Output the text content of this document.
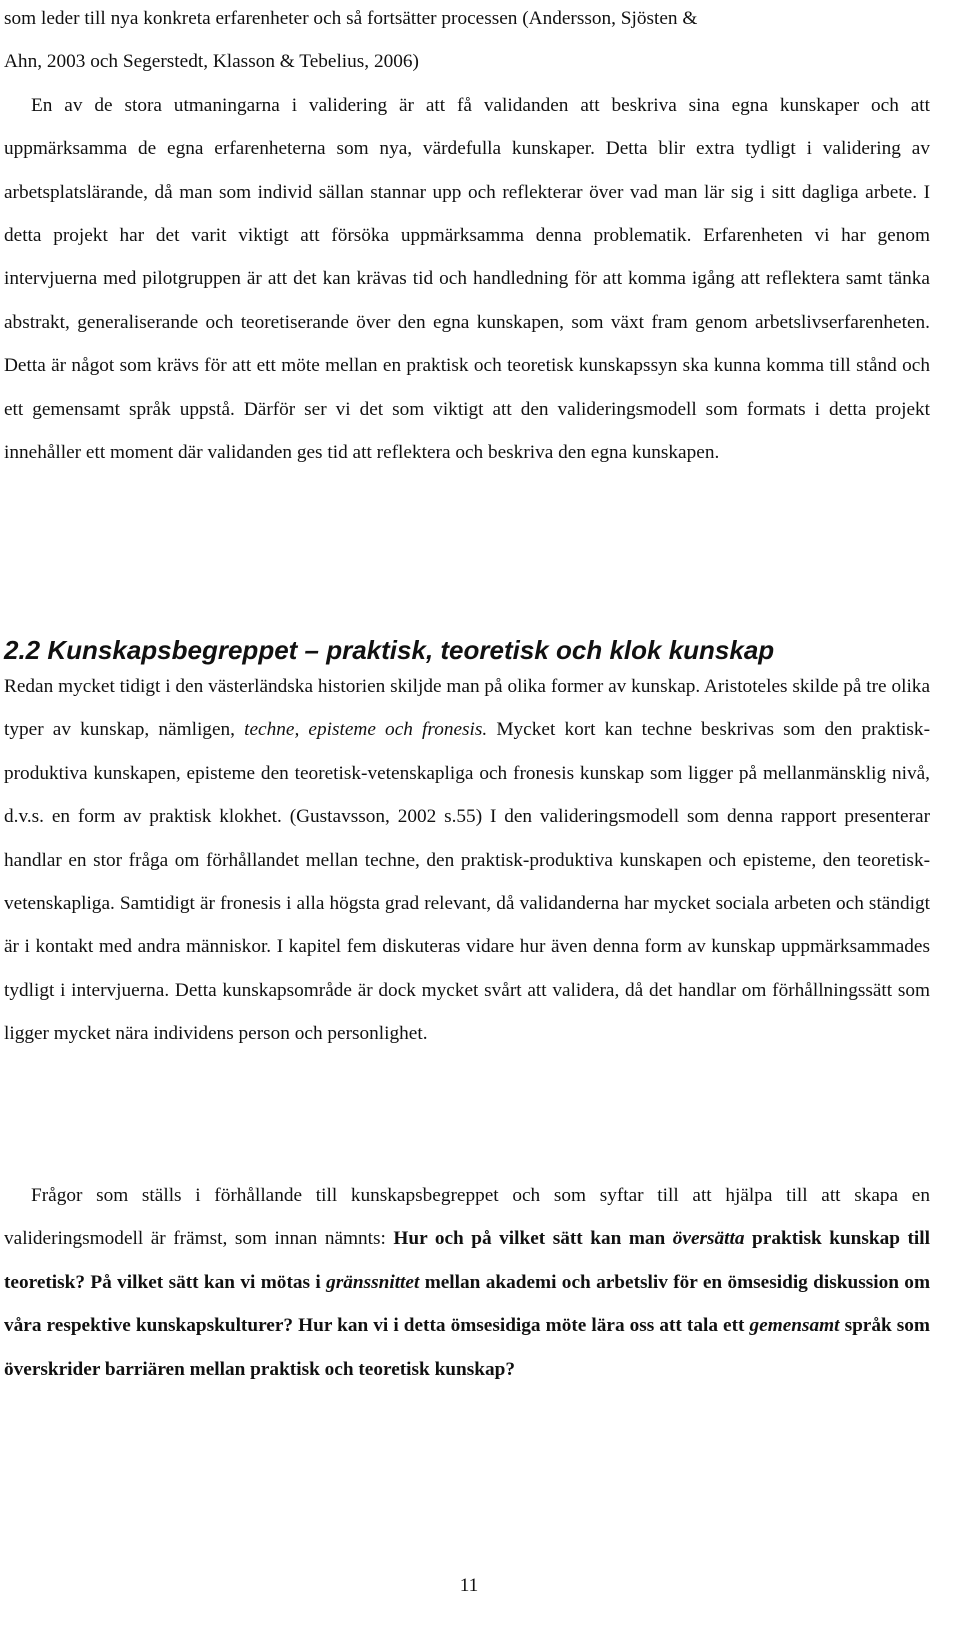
som leder till nya konkreta erfarenheter och så fortsätter processen (Andersson, Sjösten &

Ahn, 2003 och Segerstedt, Klasson & Tebelius, 2006)

En av de stora utmaningarna i validering är att få validanden att beskriva sina egna kunskaper och att uppmärksamma de egna erfarenheterna som nya, värdefulla kunskaper. Detta blir extra tydligt i validering av arbetsplatslärande, då man som individ sällan stannar upp och reflekterar över vad man lär sig i sitt dagliga arbete. I detta projekt har det varit viktigt att försöka uppmärksamma denna problematik. Erfarenheten vi har genom intervjuerna med pilotgruppen är att det kan krävas tid och handledning för att komma igång att reflektera samt tänka abstrakt, generaliserande och teoretiserande över den egna kunskapen, som växt fram genom arbetslivserfarenheten. Detta är något som krävs för att ett möte mellan en praktisk och teoretisk kunskapssyn ska kunna komma till stånd och ett gemensamt språk uppstå. Därför ser vi det som viktigt att den valideringsmodell som formats i detta projekt innehåller ett moment där validanden ges tid att reflektera och beskriva den egna kunskapen.

2.2 Kunskapsbegreppet – praktisk, teoretisk och klok kunskap

Redan mycket tidigt i den västerländska historien skiljde man på olika former av kunskap. Aristoteles skilde på tre olika typer av kunskap, nämligen, techne, episteme och fronesis. Mycket kort kan techne beskrivas som den praktisk-produktiva kunskapen, episteme den teoretisk-vetenskapliga och fronesis kunskap som ligger på mellanmänsklig nivå, d.v.s. en form av praktisk klokhet. (Gustavsson, 2002 s.55) I den valideringsmodell som denna rapport presenterar handlar en stor fråga om förhållandet mellan techne, den praktisk-produktiva kunskapen och episteme, den teoretisk-vetenskapliga. Samtidigt är fronesis i alla högsta grad relevant, då validanderna har mycket sociala arbeten och ständigt är i kontakt med andra människor. I kapitel fem diskuteras vidare hur även denna form av kunskap uppmärksammades tydligt i intervjuerna. Detta kunskapsområde är dock mycket svårt att validera, då det handlar om förhållningssätt som ligger mycket nära individens person och personlighet.

Frågor som ställs i förhållande till kunskapsbegreppet och som syftar till att hjälpa till att skapa en valideringsmodell är främst, som innan nämnts: Hur och på vilket sätt kan man översätta praktisk kunskap till teoretisk? På vilket sätt kan vi mötas i gränssnittet mellan akademi och arbetsliv för en ömsesidig diskussion om våra respektive kunskapskulturer? Hur kan vi i detta ömsesidiga möte lära oss att tala ett gemensamt språk som överskrider barriären mellan praktisk och teoretisk kunskap?

11
